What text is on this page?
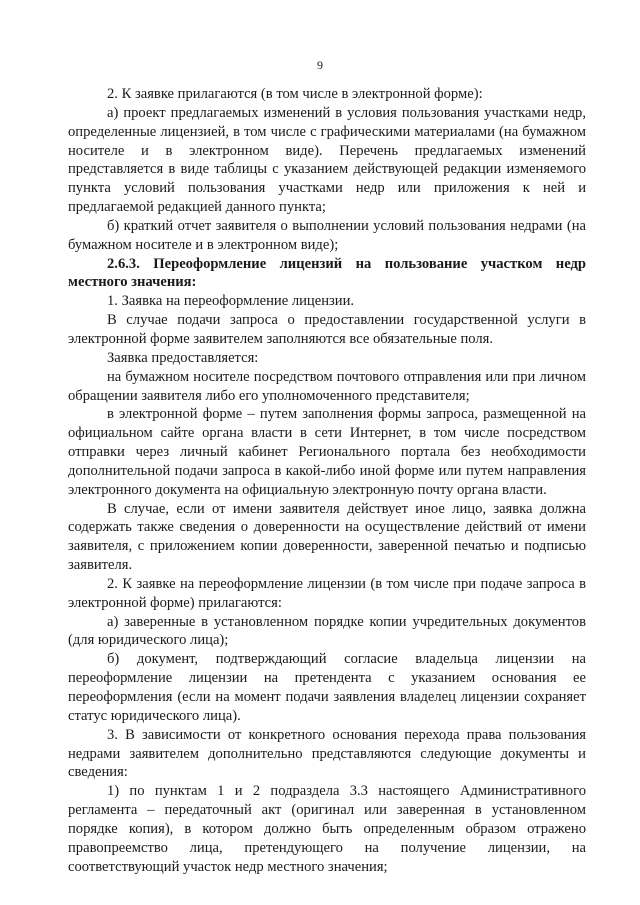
9

2. К заявке прилагаются (в том числе в электронной форме):

а) проект предлагаемых изменений в условия пользования участками недр, определенные лицензией, в том числе с графическими материалами (на бумажном носителе и в электронном виде). Перечень предлагаемых изменений представляется в виде таблицы с указанием действующей редакции изменяемого пункта условий пользования участками недр или приложения к ней и предлагаемой редакцией данного пункта;

б) краткий отчет заявителя о выполнении условий пользования недрами (на бумажном носителе и в электронном виде);

2.6.3. Переоформление лицензий на пользование участком недр местного значения:

1. Заявка на переоформление лицензии.

В случае подачи запроса о предоставлении государственной услуги в электронной форме заявителем заполняются все обязательные поля.

Заявка предоставляется:

на бумажном носителе посредством почтового отправления или при личном обращении заявителя либо его уполномоченного представителя;

в электронной форме – путем заполнения формы запроса, размещенной на официальном сайте органа власти в сети Интернет, в том числе посредством отправки через личный кабинет Регионального портала без необходимости дополнительной подачи запроса в какой-либо иной форме или путем направления электронного документа на официальную электронную почту органа власти.

В случае, если от имени заявителя действует иное лицо, заявка должна содержать также сведения о доверенности на осуществление действий от имени заявителя, с приложением копии доверенности, заверенной печатью и подписью заявителя.

2. К заявке на переоформление лицензии (в том числе при подаче запроса в электронной форме) прилагаются:

а) заверенные в установленном порядке копии учредительных документов (для юридического лица);

б) документ, подтверждающий согласие владельца лицензии на переоформление лицензии на претендента с указанием основания ее переоформления (если на момент подачи заявления владелец лицензии сохраняет статус юридического лица).

3. В зависимости от конкретного основания перехода права пользования недрами заявителем дополнительно представляются следующие документы и сведения:

1) по пунктам 1 и 2 подраздела 3.3 настоящего Административного регламента – передаточный акт (оригинал или заверенная в установленном порядке копия), в котором должно быть определенным образом отражено правопреемство лица, претендующего на получение лицензии, на соответствующий участок недр местного значения;
